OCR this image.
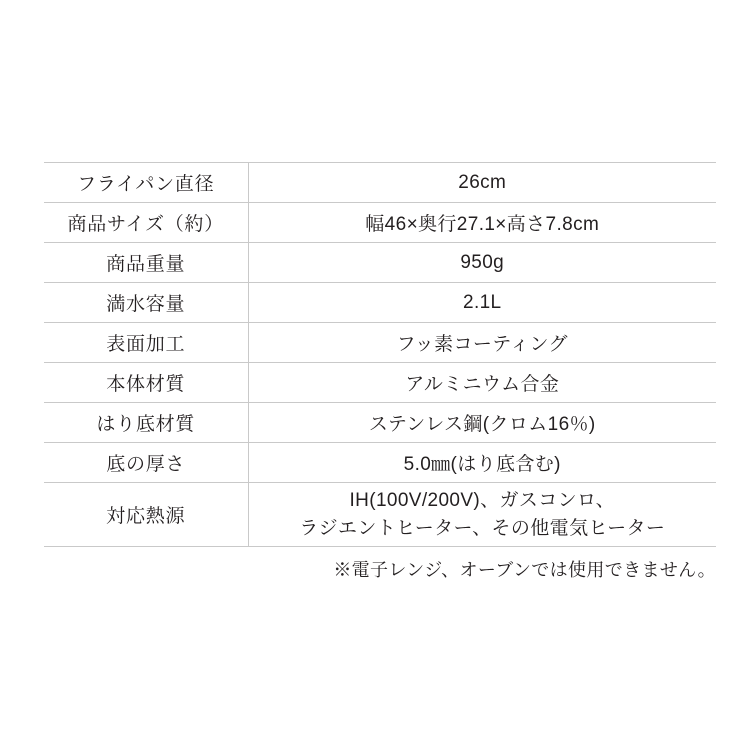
フライパン直径	26cm
商品サイズ（約）	幅46×奥行27.1×高さ7.8cm
商品重量	950g
満水容量	2.1L
表面加工	フッ素コーティング
本体材質	アルミニウム合金
はり底材質	ステンレス鋼(クロム16％)
底の厚さ	5.0㎜(はり底含む)
対応熱源	IH(100V/200V)、ガスコンロ、
ラジエントヒーター、その他電気ヒーター
※電子レンジ、オーブンでは使用できません。
